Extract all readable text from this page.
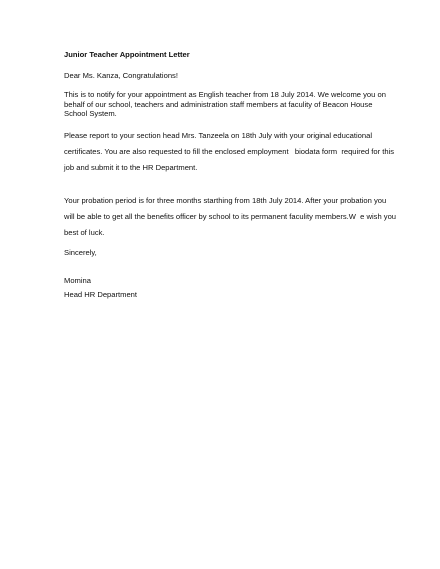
Junior Teacher Appointment Letter

Dear Ms. Kanza, Congratulations!

This is to notify for your appointment as English teacher from 18 July 2014. We welcome you on
behalf of our school, teachers and administration staff members at faculity of Beacon House
School System.

Please report to your section head Mrs. Tanzeela on 18th July with your original educational
certificates. You are also requested to fill the enclosed employment   biodata form  required for this
job and submit it to the HR Department.

Your probation period is for three months starthing from 18th July 2014. After your probation you
will be able to get all the benefits officer by school to its permanent faculity members.W  e wish you
best of luck.

Sincerely,

Momina

Head HR Department
